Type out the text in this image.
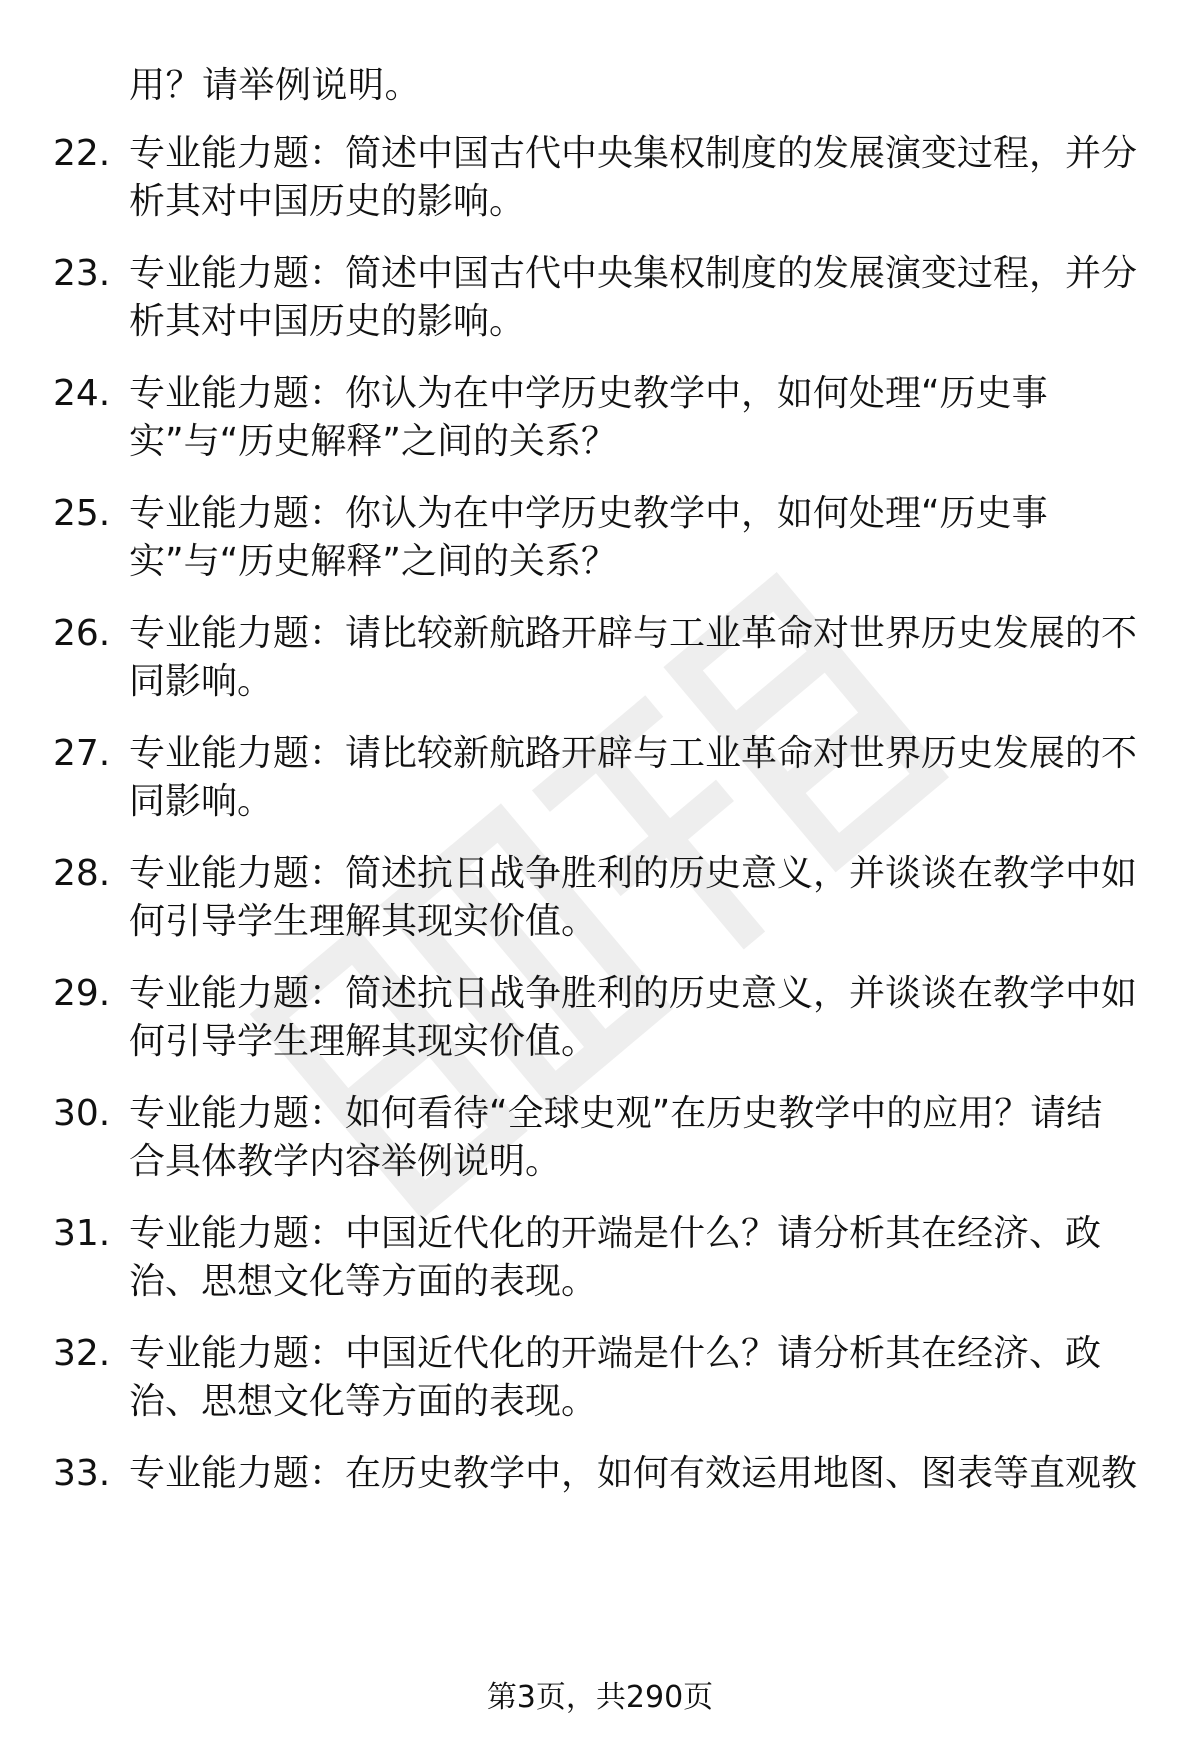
用？请举例说明。
22. 专业能力题：简述中国古代中央集权制度的发展演变过程，并分
析其对中国历史的影响。
23. 专业能力题：简述中国古代中央集权制度的发展演变过程，并分
析其对中国历史的影响。
24. 专业能力题：你认为在中学历史教学中，如何处理“历史事
实”与“历史解释”之间的关系？
25. 专业能力题：你认为在中学历史教学中，如何处理“历史事
实”与“历史解释”之间的关系？
26. 专业能力题：请比较新航路开辟与工业革命对世界历史发展的不
同影响。
27. 专业能力题：请比较新航路开辟与工业革命对世界历史发展的不
同影响。
28. 专业能力题：简述抗日战争胜利的历史意义，并谈谈在教学中如
何引导学生理解其现实价值。
29. 专业能力题：简述抗日战争胜利的历史意义，并谈谈在教学中如
何引导学生理解其现实价值。
30. 专业能力题：如何看待“全球史观”在历史教学中的应用？请结
合具体教学内容举例说明。
31. 专业能力题：中国近代化的开端是什么？请分析其在经济、政
治、思想文化等方面的表现。
32. 专业能力题：中国近代化的开端是什么？请分析其在经济、政
治、思想文化等方面的表现。
33. 专业能力题：在历史教学中，如何有效运用地图、图表等直观教
第3页，共290页
